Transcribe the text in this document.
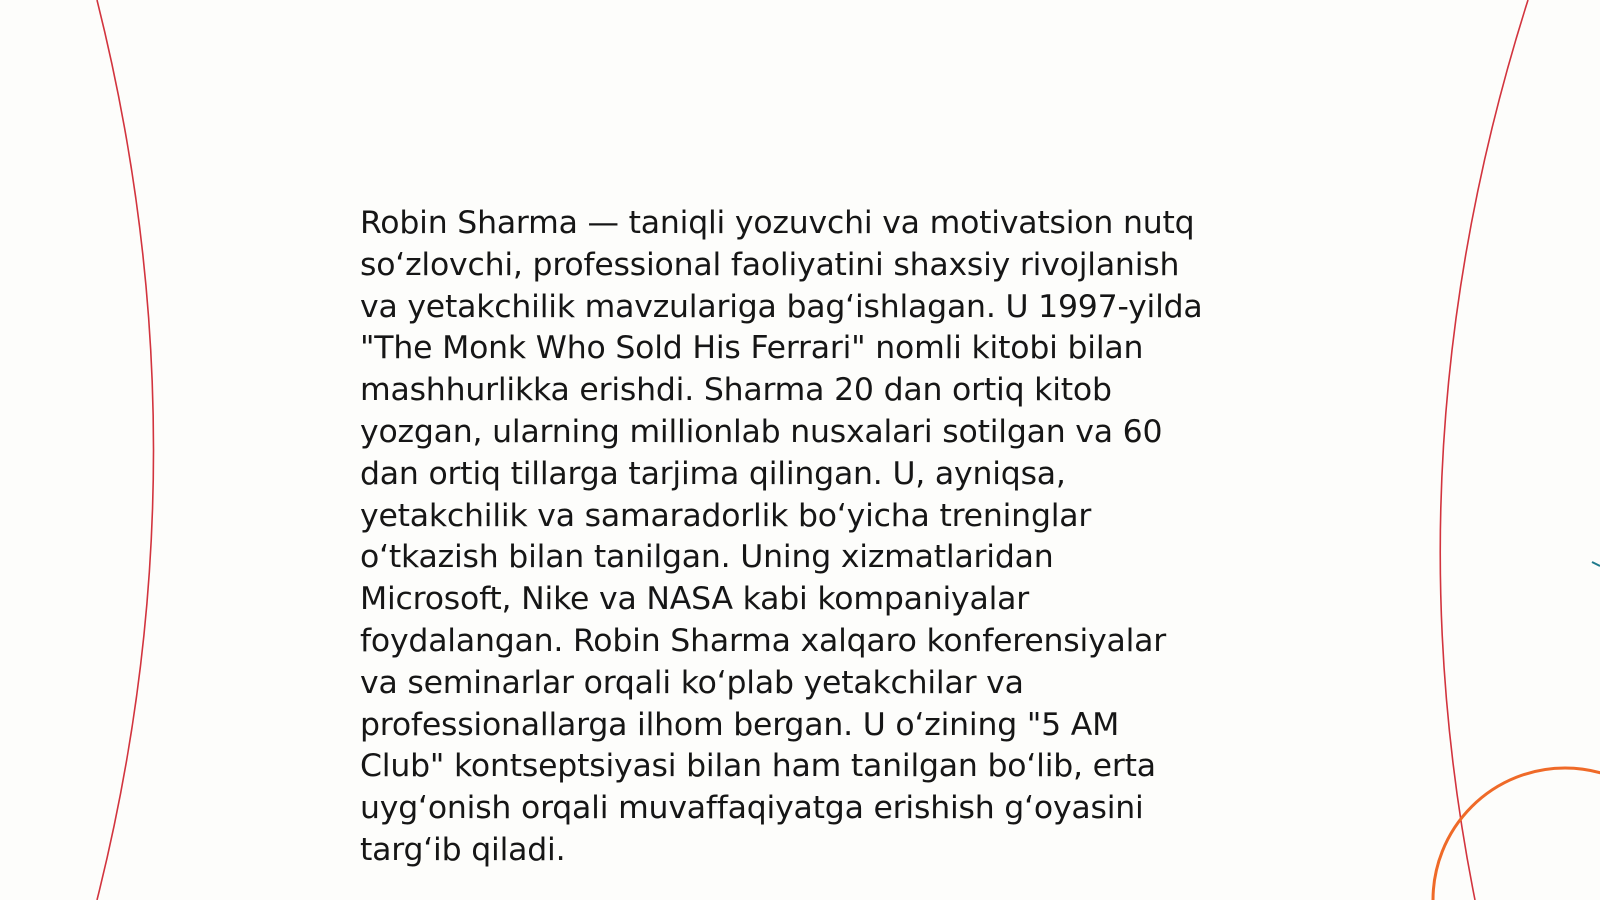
Robin Sharma — taniqli yozuvchi va motivatsion nutq
so‘zlovchi, professional faoliyatini shaxsiy rivojlanish
va yetakchilik mavzulariga bag‘ishlagan. U 1997-yilda
"The Monk Who Sold His Ferrari" nomli kitobi bilan
mashhurlikka erishdi. Sharma 20 dan ortiq kitob
yozgan, ularning millionlab nusxalari sotilgan va 60
dan ortiq tillarga tarjima qilingan. U, ayniqsa,
yetakchilik va samaradorlik bo‘yicha treninglar
o‘tkazish bilan tanilgan. Uning xizmatlaridan
Microsoft, Nike va NASA kabi kompaniyalar
foydalangan. Robin Sharma xalqaro konferensiyalar
va seminarlar orqali ko‘plab yetakchilar va
professionallarga ilhom bergan. U o‘zining "5 AM
Club" kontseptsiyasi bilan ham tanilgan bo‘lib, erta
uyg‘onish orqali muvaffaqiyatga erishish g‘oyasini
targ‘ib qiladi.
